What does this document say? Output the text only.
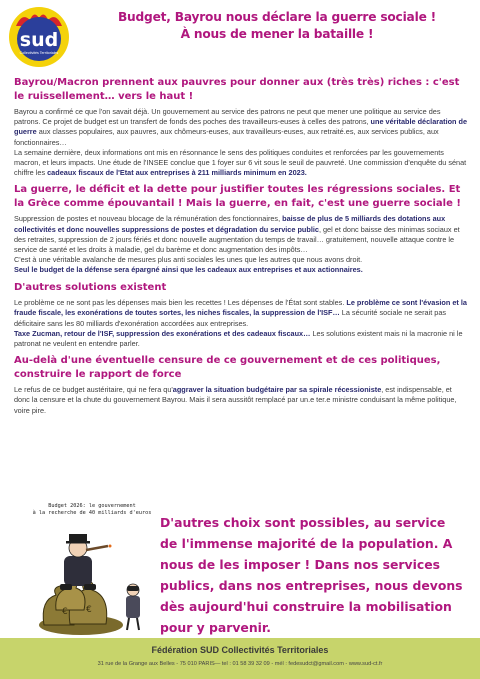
sud
Collectivités Territoriales
Budget, Bayrou nous déclare la guerre sociale !
À nous de mener la bataille !
Bayrou/Macron prennent aux pauvres pour donner aux (très très) riches : c'est le ruissellement… vers le haut !

Bayrou a confirmé ce que l'on savait déjà. Un gouvernement au service des patrons ne peut que mener une politique au service des patrons. Ce projet de budget est un transfert de fonds des poches des travailleurs-euses à celles des patrons, une véritable déclaration de guerre aux classes populaires, aux pauvres, aux chômeurs-euses, aux travailleurs-euses, aux retraité.es, aux services publics, aux fonctionnaires…

La semaine dernière, deux informations ont mis en résonnance le sens des politiques conduites et renforcées par les gouvernements macron, et leurs impacts. Une étude de l'INSEE conclue que 1 foyer sur 6 vit sous le seuil de pauvreté. Une commission d'enquête du sénat chiffre les cadeaux fiscaux de l'Etat aux entreprises à 211 milliards minimum en 2023.

La guerre, le déficit et la dette pour justifier toutes les régressions sociales. Et la Grèce comme épouvantail ! Mais la guerre, en fait, c'est une guerre sociale !

Suppression de postes et nouveau blocage de la rémunération des fonctionnaires, baisse de plus de 5 milliards des dotations aux collectivités et donc nouvelles suppressions de postes et dégradation du service public, gel et donc baisse des minimas sociaux et des retraites, suppression de 2 jours fériés et donc nouvelle augmentation du temps de travail… gratuitement, nouvelle attaque contre le service de santé et les droits à maladie, gel du barème et donc augmentation des impôts…

C'est à une véritable avalanche de mesures plus anti sociales les unes que les autres que nous avons droit.

Seul le budget de la défense sera épargné ainsi que les cadeaux aux entreprises et aux actionnaires.

D'autres solutions existent

Le problème ce ne sont pas les dépenses mais bien les recettes ! Les dépenses de l'État sont stables. Le problème ce sont l'évasion et la fraude fiscale, les exonérations de toutes sortes, les niches fiscales, la suppression de l'ISF… La sécurité sociale ne serait pas déficitaire sans les 80 milliards d'exonération accordées aux entreprises.

Taxe Zucman, retour de l'ISF, suppression des exonérations et des cadeaux fiscaux… Les solutions existent mais ni la macronie ni le patronat ne veulent en entendre parler.

Au-delà d'une éventuelle censure de ce gouvernement et de ces politiques, construire le rapport de force

Le refus de ce budget austéritaire, qui ne fera qu'aggraver la situation budgétaire par sa spirale récessioniste, est indispensable, et donc la censure et la chute du gouvernement Bayrou. Mais il sera aussitôt remplacé par un.e ter.e ministre conduisant la même politique, voire pire.

Budget 2026: le gouvernement
à la recherche de 40 milliards d'euros
€ €
D'autres choix sont possibles, au service de l'immense majorité de la population. A nous de les imposer ! Dans nos services publics, dans nos entreprises, nous devons dès aujourd'hui construire la mobilisation pour y parvenir.
Fédération SUD Collectivités Territoriales
31 rue de la Grange aux Belles - 75 010 PARIS— tel : 01 58 39 32 09 - mél : fedesudct@gmail.com - www.sud-ct.fr
